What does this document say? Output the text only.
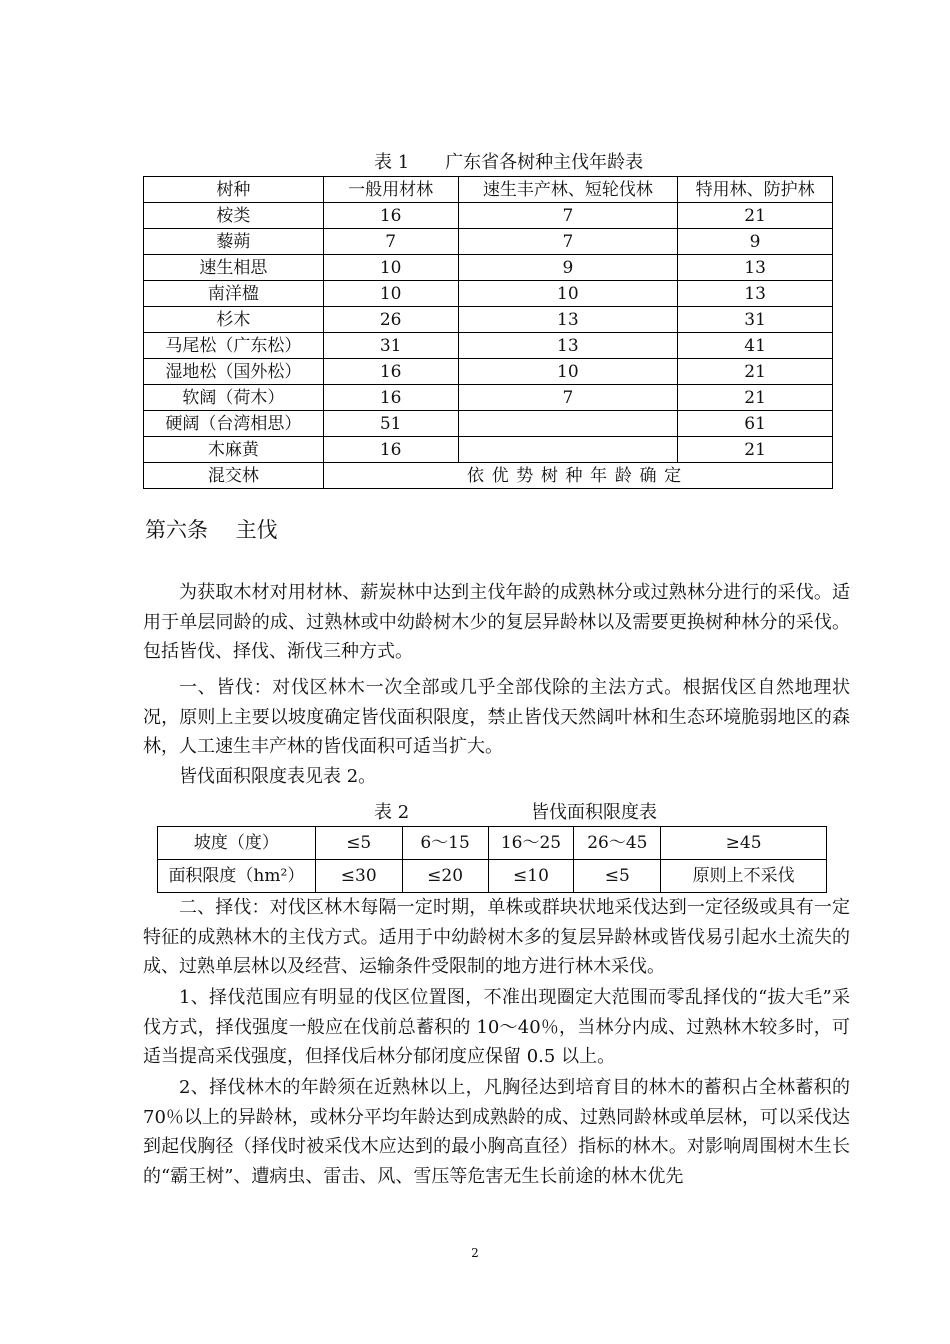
表 1　　广东省各树种主伐年龄表
树种	一般用材林	速生丰产林、短轮伐林	特用林、防护林
桉类	16	7	21
藜蒴	7	7	9
速生相思	10	9	13
南洋楹	10	10	13
杉木	26	13	31
马尾松（广东松）	31	13	41
湿地松（国外松）	16	10	21
软阔（荷木）	16	7	21
硬阔（台湾相思）	51		61
木麻黄	16		21
混交林	依优势树种年龄确定		
第六条　 主伐
为获取木材对用材林、薪炭林中达到主伐年龄的成熟林分或过熟林分进行的采伐。适用于单层同龄的成、过熟林或中幼龄树木少的复层异龄林以及需要更换树种林分的采伐。包括皆伐、择伐、渐伐三种方式。
一、皆伐：对伐区林木一次全部或几乎全部伐除的主法方式。根据伐区自然地理状况，原则上主要以坡度确定皆伐面积限度，禁止皆伐天然阔叶林和生态环境脆弱地区的森林，人工速生丰产林的皆伐面积可适当扩大。
皆伐面积限度表见表 2。
表 2	皆伐面积限度表
坡度（度）	≤5	6～15	16～25	26～45	≥45
面积限度（hm²）	≤30	≤20	≤10	≤5	原则上不采伐
二、择伐：对伐区林木每隔一定时期，单株或群块状地采伐达到一定径级或具有一定特征的成熟林木的主伐方式。适用于中幼龄树木多的复层异龄林或皆伐易引起水土流失的成、过熟单层林以及经营、运输条件受限制的地方进行林木采伐。
1、择伐范围应有明显的伐区位置图，不准出现圈定大范围而零乱择伐的“拔大毛”采伐方式，择伐强度一般应在伐前总蓄积的 10～40％，当林分内成、过熟林木较多时，可适当提高采伐强度，但择伐后林分郁闭度应保留 0.5 以上。
2、择伐林木的年龄须在近熟林以上，凡胸径达到培育目的林木的蓄积占全林蓄积的 70％以上的异龄林，或林分平均年龄达到成熟龄的成、过熟同龄林或单层林，可以采伐达到起伐胸径（择伐时被采伐木应达到的最小胸高直径）指标的林木。对影响周围树木生长的“霸王树”、遭病虫、雷击、风、雪压等危害无生长前途的林木优先
2
